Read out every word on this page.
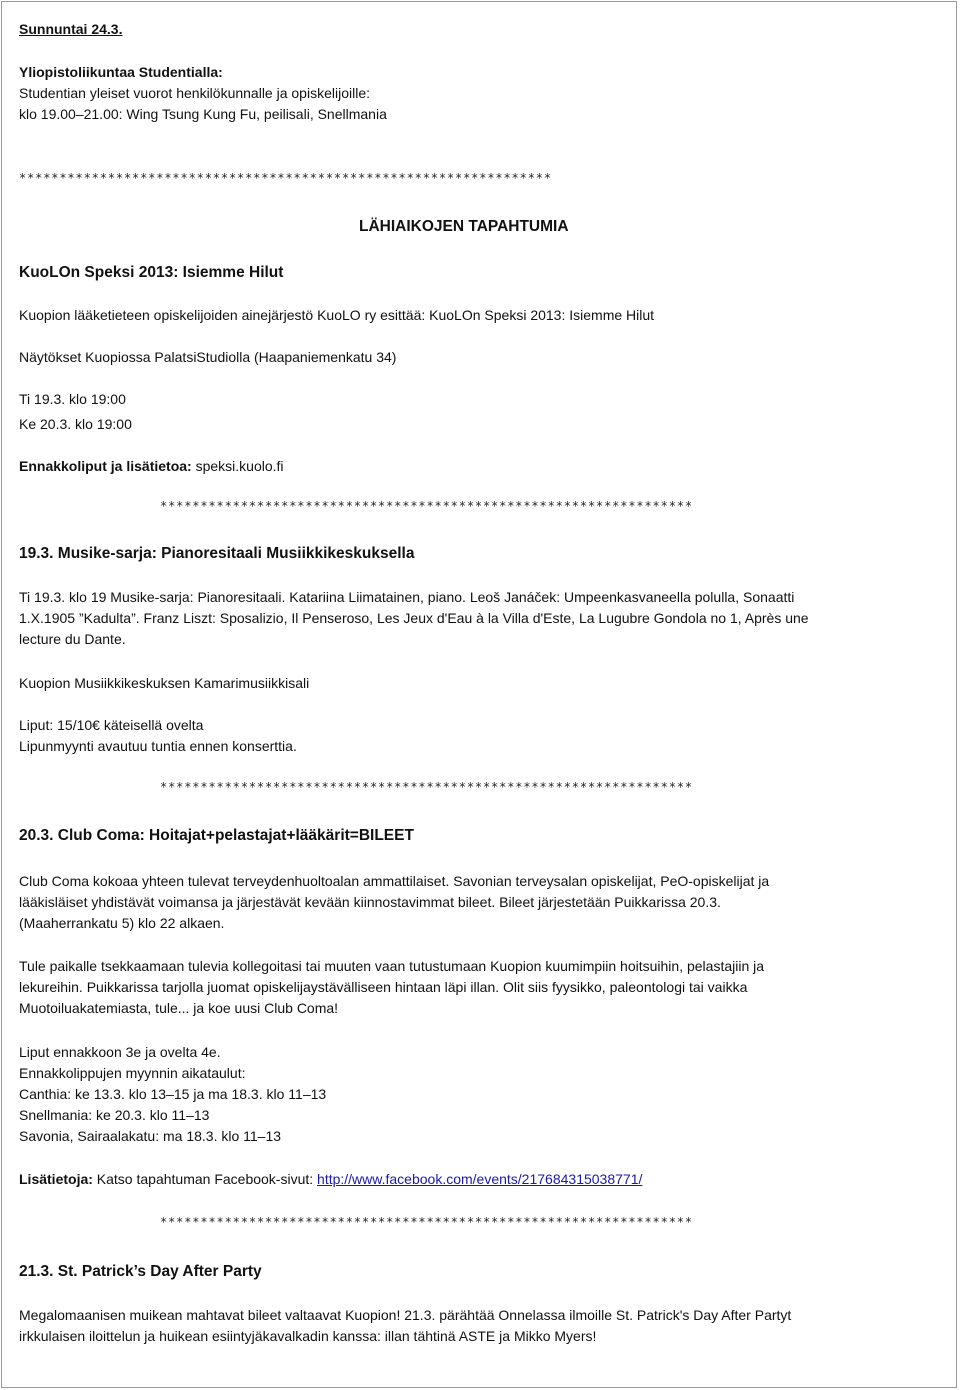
Sunnuntai 24.3.
Yliopistoliikuntaa Studentialla:
Studentian yleiset vuorot henkilökunnalle ja opiskelijoille:
klo 19.00–21.00: Wing Tsung Kung Fu, peilisali, Snellmania
******************************************************************
LÄHIAIKOJEN TAPAHTUMIA
KuoLOn Speksi 2013: Isiemme Hilut
Kuopion lääketieteen opiskelijoiden ainejärjestö KuoLO ry esittää: KuoLOn Speksi 2013: Isiemme Hilut
Näytökset Kuopiossa PalatsiStudiolla (Haapaniemenkatu 34)
Ti 19.3. klo 19:00
Ke 20.3. klo 19:00
Ennakkoliput ja lisätietoa: speksi.kuolo.fi
******************************************************************
19.3. Musike-sarja: Pianoresitaali Musiikkikeskuksella
Ti 19.3. klo 19 Musike-sarja: Pianoresitaali. Katariina Liimatainen, piano. Leoš Janáček: Umpeenkasvaneella polulla, Sonaatti
1.X.1905 ”Kadulta”. Franz Liszt: Sposalizio, Il Penseroso, Les Jeux d'Eau à la Villa d'Este, La Lugubre Gondola no 1, Après une
lecture du Dante.
Kuopion Musiikkikeskuksen Kamarimusiikkisali
Liput: 15/10€ käteisellä ovelta
Lipunmyynti avautuu tuntia ennen konserttia.
******************************************************************
20.3. Club Coma: Hoitajat+pelastajat+lääkärit=BILEET
Club Coma kokoaa yhteen tulevat terveydenhuoltoalan ammattilaiset. Savonian terveysalan opiskelijat, PeO-opiskelijat ja
lääkisläiset yhdistävät voimansa ja järjestävät kevään kiinnostavimmat bileet. Bileet järjestetään Puikkarissa 20.3.
(Maaherrankatu 5) klo 22 alkaen.
Tule paikalle tsekkaamaan tulevia kollegoitasi tai muuten vaan tutustumaan Kuopion kuumimpiin hoitsuihin, pelastajiin ja
lekureihin. Puikkarissa tarjolla juomat opiskelijaystävälliseen hintaan läpi illan. Olit siis fyysikko, paleontologi tai vaikka
Muotoiluakatemiasta, tule... ja koe uusi Club Coma!
Liput ennakkoon 3e ja ovelta 4e.
Ennakkolippujen myynnin aikataulut:
Canthia: ke 13.3. klo 13–15 ja ma 18.3. klo 11–13
Snellmania: ke 20.3. klo 11–13
Savonia, Sairaalakatu: ma 18.3. klo 11–13
Lisätietoja: Katso tapahtuman Facebook-sivut: http://www.facebook.com/events/217684315038771/
******************************************************************
21.3. St. Patrick’s Day After Party
Megalomaanisen muikean mahtavat bileet valtaavat Kuopion! 21.3. pärähtää Onnelassa ilmoille St. Patrick's Day After Partyt
irkkulaisen iloittelun ja huikean esiintyjäkavalkadin kanssa: illan tähtinä ASTE ja Mikko Myers!
